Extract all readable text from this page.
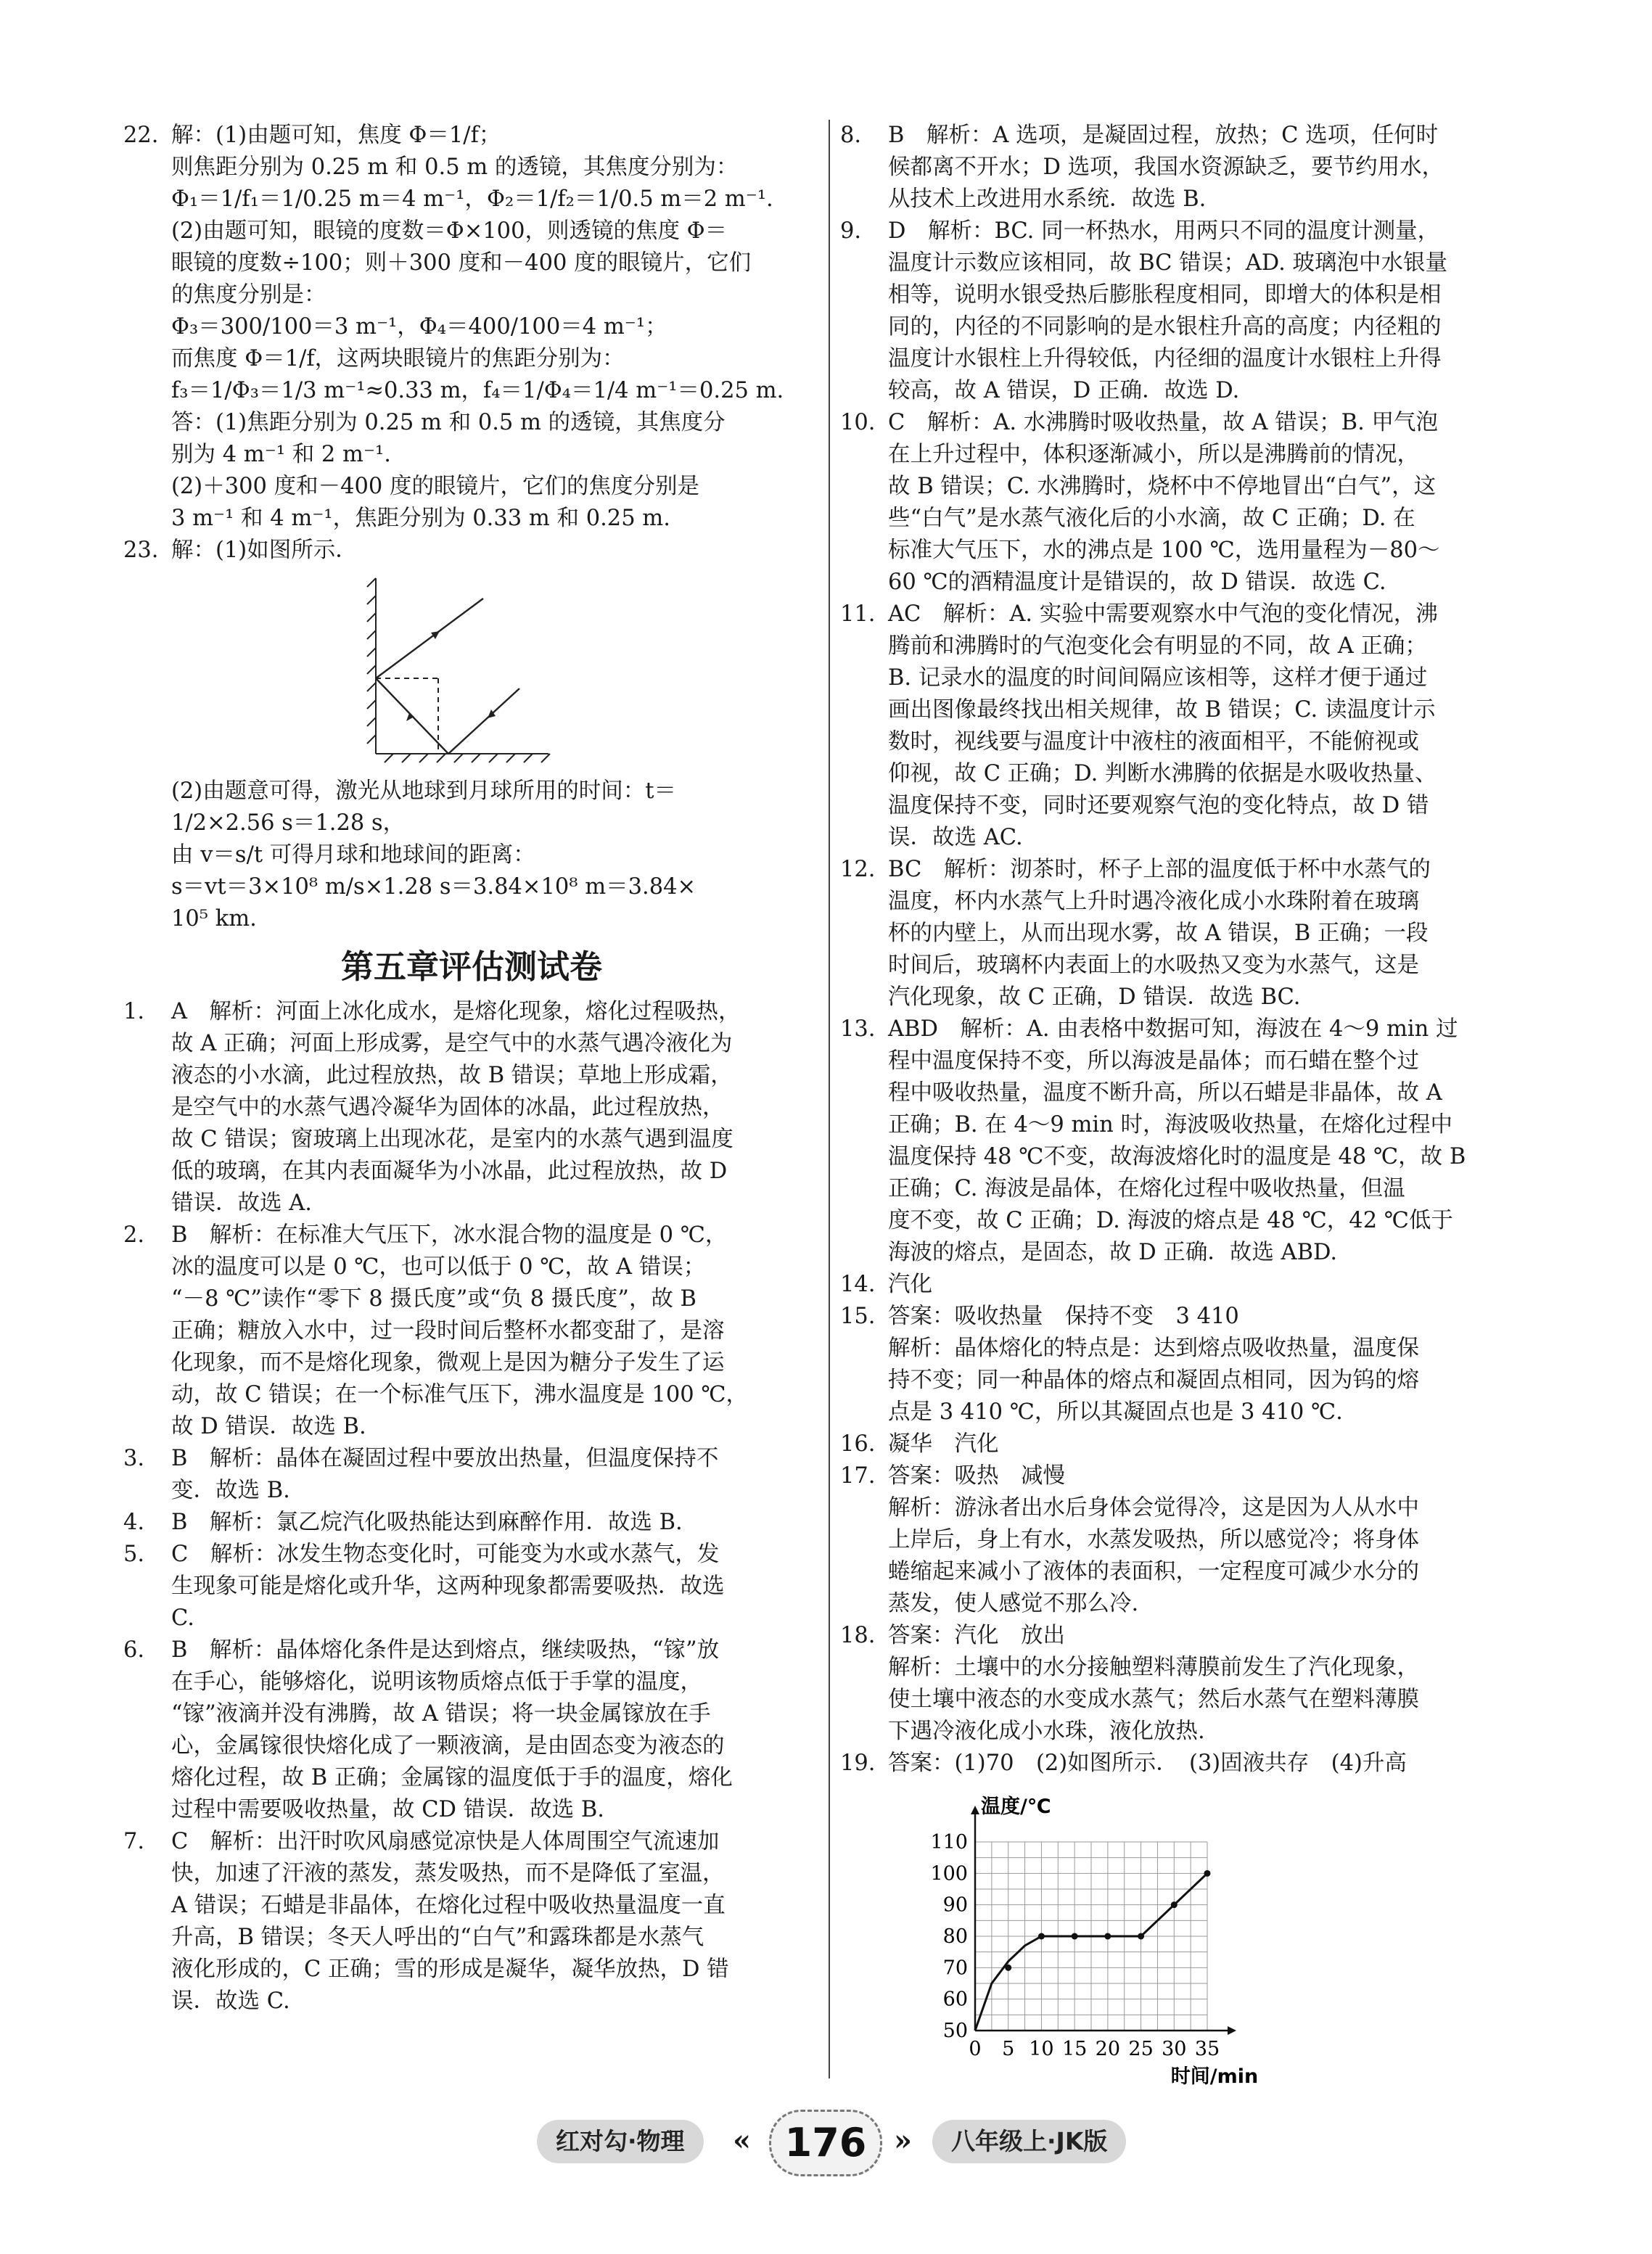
22. 解：(1)由题可知，焦度 Φ＝1/f；

则焦距分别为 0.25 m 和 0.5 m 的透镜，其焦度分别为：

Φ₁＝1/f₁＝1/0.25 m＝4 m⁻¹，Φ₂＝1/f₂＝1/0.5 m＝2 m⁻¹.

(2)由题可知，眼镜的度数＝Φ×100，则透镜的焦度 Φ＝

眼镜的度数÷100；则＋300 度和－400 度的眼镜片，它们

的焦度分别是：

Φ₃＝300/100＝3 m⁻¹，Φ₄＝400/100＝4 m⁻¹；

而焦度 Φ＝1/f，这两块眼镜片的焦距分别为：

f₃＝1/Φ₃＝1/3 m⁻¹≈0.33 m，f₄＝1/Φ₄＝1/4 m⁻¹＝0.25 m.

答：(1)焦距分别为 0.25 m 和 0.5 m 的透镜，其焦度分

别为 4 m⁻¹ 和 2 m⁻¹.

(2)＋300 度和－400 度的眼镜片，它们的焦度分别是

3 m⁻¹ 和 4 m⁻¹，焦距分别为 0.33 m 和 0.25 m.

23. 解：(1)如图所示．

(2)由题意可得，激光从地球到月球所用的时间：t＝

1/2×2.56 s＝1.28 s，

由 v＝s/t 可得月球和地球间的距离：

s＝vt＝3×10⁸ m/s×1.28 s＝3.84×10⁸ m＝3.84×

10⁵ km.

第五章评估测试卷
1. A　解析：河面上冰化成水，是熔化现象，熔化过程吸热，

故 A 正确；河面上形成雾，是空气中的水蒸气遇冷液化为

液态的小水滴，此过程放热，故 B 错误；草地上形成霜，

是空气中的水蒸气遇冷凝华为固体的冰晶，此过程放热，

故 C 错误；窗玻璃上出现冰花，是室内的水蒸气遇到温度

低的玻璃，在其内表面凝华为小冰晶，此过程放热，故 D

错误．故选 A.

2. B　解析：在标准大气压下，冰水混合物的温度是 0 ℃，

冰的温度可以是 0 ℃，也可以低于 0 ℃，故 A 错误；

“－8 ℃”读作“零下 8 摄氏度”或“负 8 摄氏度”，故 B

正确；糖放入水中，过一段时间后整杯水都变甜了，是溶

化现象，而不是熔化现象，微观上是因为糖分子发生了运

动，故 C 错误；在一个标准气压下，沸水温度是 100 ℃，

故 D 错误．故选 B.

3. B　解析：晶体在凝固过程中要放出热量，但温度保持不

变．故选 B.

4. B　解析：氯乙烷汽化吸热能达到麻醉作用．故选 B.

5. C　解析：冰发生物态变化时，可能变为水或水蒸气，发

生现象可能是熔化或升华，这两种现象都需要吸热．故选

C.

6. B　解析：晶体熔化条件是达到熔点，继续吸热，“镓”放

在手心，能够熔化，说明该物质熔点低于手掌的温度，

“镓”液滴并没有沸腾，故 A 错误；将一块金属镓放在手

心，金属镓很快熔化成了一颗液滴，是由固态变为液态的

熔化过程，故 B 正确；金属镓的温度低于手的温度，熔化

过程中需要吸收热量，故 CD 错误．故选 B.

7. C　解析：出汗时吹风扇感觉凉快是人体周围空气流速加

快，加速了汗液的蒸发，蒸发吸热，而不是降低了室温，

A 错误；石蜡是非晶体，在熔化过程中吸收热量温度一直

升高，B 错误；冬天人呼出的“白气”和露珠都是水蒸气

液化形成的，C 正确；雪的形成是凝华，凝华放热，D 错

误．故选 C.

8. B　解析：A 选项，是凝固过程，放热；C 选项，任何时

候都离不开水；D 选项，我国水资源缺乏，要节约用水，

从技术上改进用水系统．故选 B.

9. D　解析：BC. 同一杯热水，用两只不同的温度计测量，

温度计示数应该相同，故 BC 错误；AD. 玻璃泡中水银量

相等，说明水银受热后膨胀程度相同，即增大的体积是相

同的，内径的不同影响的是水银柱升高的高度；内径粗的

温度计水银柱上升得较低，内径细的温度计水银柱上升得

较高，故 A 错误，D 正确．故选 D.

10. C　解析：A. 水沸腾时吸收热量，故 A 错误；B. 甲气泡

在上升过程中，体积逐渐减小，所以是沸腾前的情况，

故 B 错误；C. 水沸腾时，烧杯中不停地冒出“白气”，这

些“白气”是水蒸气液化后的小水滴，故 C 正确；D. 在

标准大气压下，水的沸点是 100 ℃，选用量程为－80～

60 ℃的酒精温度计是错误的，故 D 错误．故选 C.

11. AC　解析：A. 实验中需要观察水中气泡的变化情况，沸

腾前和沸腾时的气泡变化会有明显的不同，故 A 正确；

B. 记录水的温度的时间间隔应该相等，这样才便于通过

画出图像最终找出相关规律，故 B 错误；C. 读温度计示

数时，视线要与温度计中液柱的液面相平，不能俯视或

仰视，故 C 正确；D. 判断水沸腾的依据是水吸收热量、

温度保持不变，同时还要观察气泡的变化特点，故 D 错

误．故选 AC.

12. BC　解析：沏茶时，杯子上部的温度低于杯中水蒸气的

温度，杯内水蒸气上升时遇冷液化成小水珠附着在玻璃

杯的内壁上，从而出现水雾，故 A 错误，B 正确；一段

时间后，玻璃杯内表面上的水吸热又变为水蒸气，这是

汽化现象，故 C 正确，D 错误．故选 BC.

13. ABD　解析：A. 由表格中数据可知，海波在 4～9 min 过

程中温度保持不变，所以海波是晶体；而石蜡在整个过

程中吸收热量，温度不断升高，所以石蜡是非晶体，故 A

正确；B. 在 4～9 min 时，海波吸收热量，在熔化过程中

温度保持 48 ℃不变，故海波熔化时的温度是 48 ℃，故 B

正确；C. 海波是晶体，在熔化过程中吸收热量，但温

度不变，故 C 正确；D. 海波的熔点是 48 ℃，42 ℃低于

海波的熔点，是固态，故 D 正确．故选 ABD.

14. 汽化

15. 答案：吸收热量　保持不变　3 410

解析：晶体熔化的特点是：达到熔点吸收热量，温度保

持不变；同一种晶体的熔点和凝固点相同，因为钨的熔

点是 3 410 ℃，所以其凝固点也是 3 410 ℃.

16. 凝华　汽化

17. 答案：吸热　减慢

解析：游泳者出水后身体会觉得冷，这是因为人从水中

上岸后，身上有水，水蒸发吸热，所以感觉冷；将身体

蜷缩起来减小了液体的表面积，一定程度可减少水分的

蒸发，使人感觉不那么冷.

18. 答案：汽化　放出

解析：土壤中的水分接触塑料薄膜前发生了汽化现象，

使土壤中液态的水变成水蒸气；然后水蒸气在塑料薄膜

下遇冷液化成小水珠，液化放热.

19. 答案：(1)70　(2)如图所示．　(3)固液共存　(4)升高

0 5 10 15 20 25 30 35
50
60
70
80
90
100
110
温度/℃
时间/min
红对勾·物理	« 176 »	八年级上·JK版
